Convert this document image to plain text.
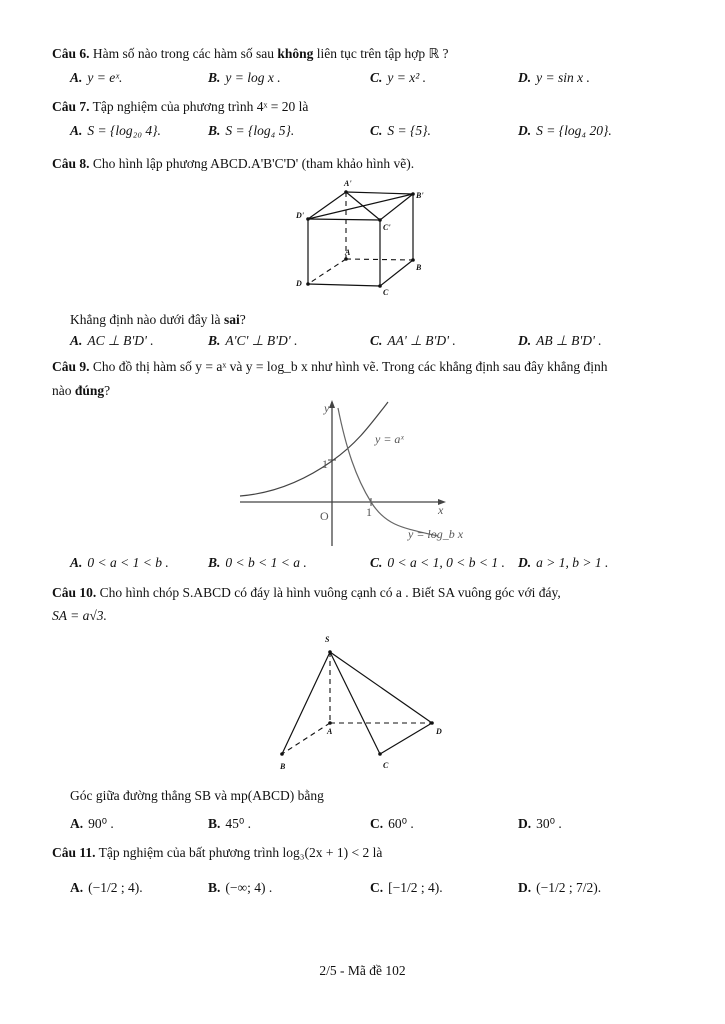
Câu 6. Hàm số nào trong các hàm số sau không liên tục trên tập hợp ℝ ?
A. y = eˣ.	B. y = log x .	C. y = x² .	D. y = sin x .
Câu 7. Tập nghiệm của phương trình 4ˣ = 20 là
A. S = {log₂₀ 4}.	B. S = {log₄ 5}.	C. S = {5}.	D. S = {log₄ 20}.
Câu 8. Cho hình lập phương ABCD.A'B'C'D' (tham khảo hình vẽ).
A'
B'
C'
D'
A
B
C
D
Khẳng định nào dưới đây là sai?
A. AC ⊥ B'D' .	B. A'C' ⊥ B'D' .	C. AA' ⊥ B'D' .	D. AB ⊥ B'D' .
Câu 9. Cho đồ thị hàm số y = aˣ và y = log_b x như hình vẽ. Trong các khẳng định sau đây khẳng định
nào đúng?
y
x
O
1
1
y = aˣ
y = log_b x
A. 0 < a < 1 < b .	B. 0 < b < 1 < a .	C. 0 < a < 1, 0 < b < 1 . D. a > 1, b > 1 .
Câu 10. Cho hình chóp S.ABCD có đáy là hình vuông cạnh có a . Biết SA vuông góc với đáy,
SA = a√3.
S
A
B	C
D
Góc giữa đường thẳng SB và mp(ABCD) bằng
A. 90⁰ .	B. 45⁰ .	C. 60⁰ .	D. 30⁰ .
Câu 11. Tập nghiệm của bất phương trình log₃(2x + 1) < 2 là
A. (−1/2 ; 4).	B. (−∞; 4) .	C. [−1/2 ; 4).	D. (−1/2 ; 7/2).
2/5 - Mã đề 102
